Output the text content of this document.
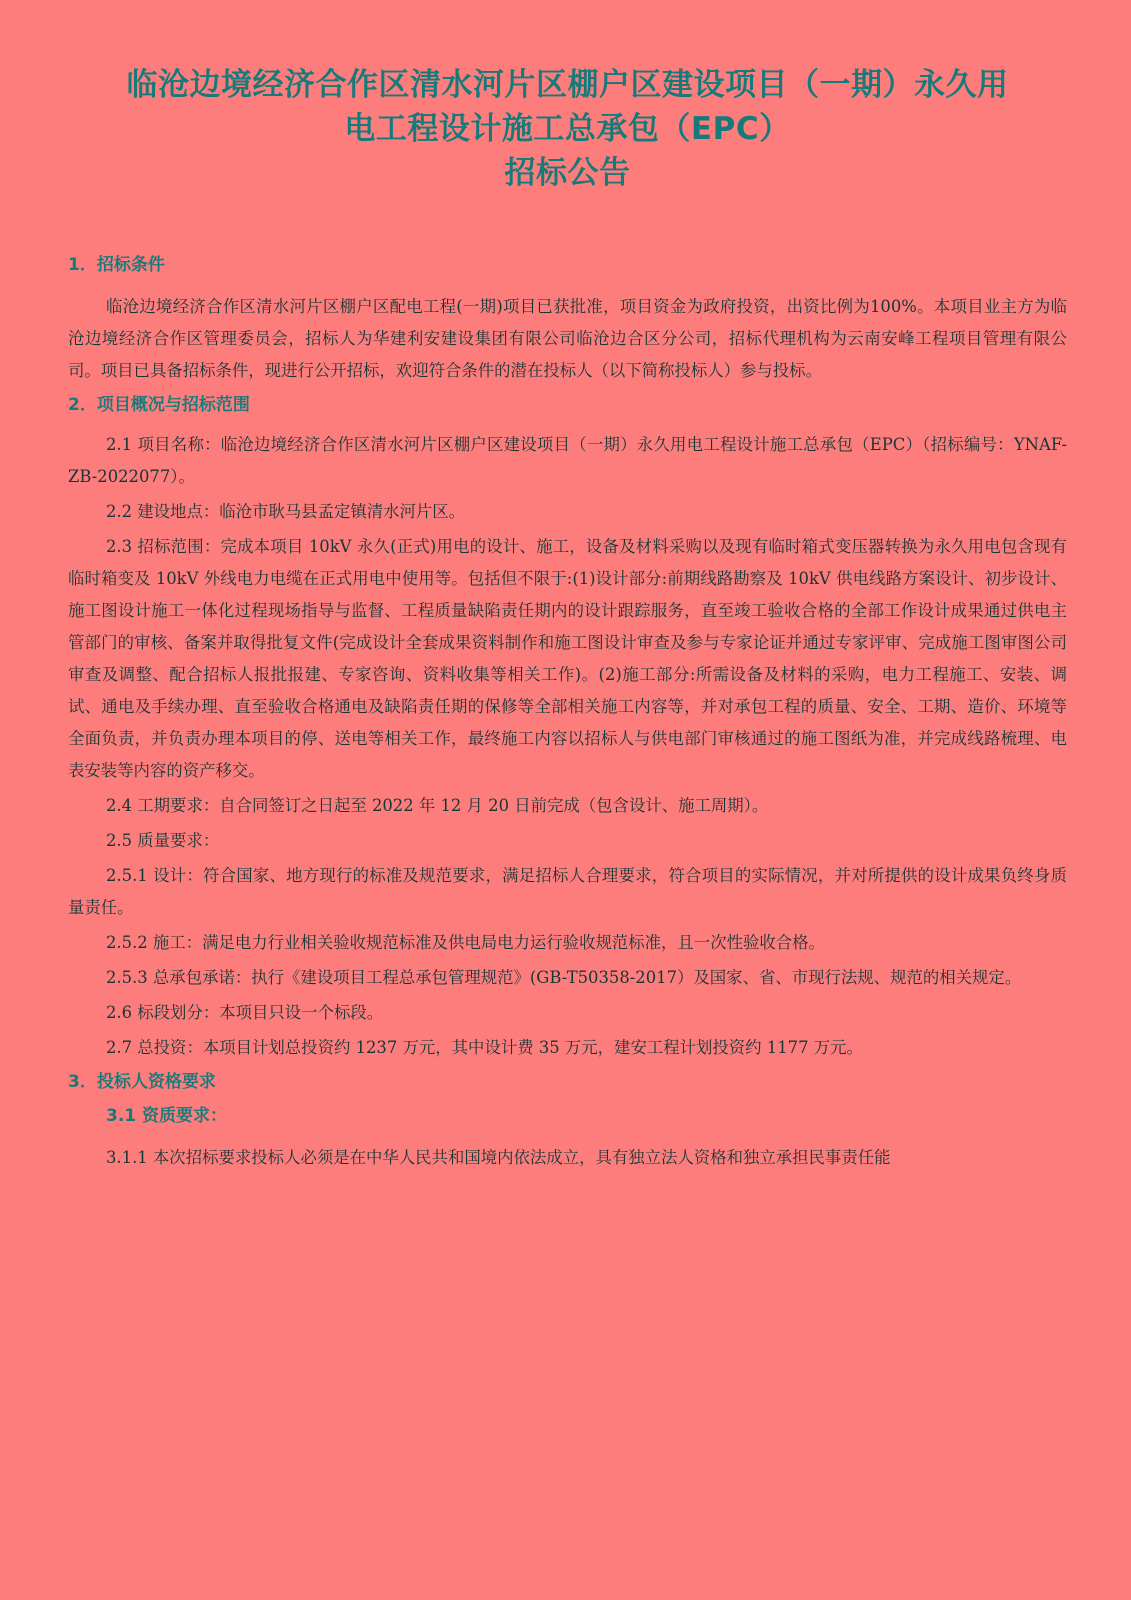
临沧边境经济合作区清水河片区棚户区建设项目（一期）永久用
电工程设计施工总承包（EPC）
招标公告
1．招标条件

临沧边境经济合作区清水河片区棚户区配电工程(一期)项目已获批准，项目资金为政府投资，出资比例为100%。本项目业主方为临沧边境经济合作区管理委员会，招标人为华建利安建设集团有限公司临沧边合区分公司，招标代理机构为云南安峰工程项目管理有限公司。项目已具备招标条件，现进行公开招标，欢迎符合条件的潜在投标人（以下简称投标人）参与投标。

2．项目概况与招标范围

2.1 项目名称：临沧边境经济合作区清水河片区棚户区建设项目（一期）永久用电工程设计施工总承包（EPC）（招标编号：YNAF-ZB-2022077）。

2.2 建设地点：临沧市耿马县孟定镇清水河片区。

2.3 招标范围：完成本项目 10kV 永久(正式)用电的设计、施工，设备及材料采购以及现有临时箱式变压器转换为永久用电包含现有临时箱变及 10kV 外线电力电缆在正式用电中使用等。包括但不限于:(1)设计部分:前期线路勘察及 10kV 供电线路方案设计、初步设计、施工图设计施工一体化过程现场指导与监督、工程质量缺陷责任期内的设计跟踪服务，直至竣工验收合格的全部工作设计成果通过供电主管部门的审核、备案并取得批复文件(完成设计全套成果资料制作和施工图设计审查及参与专家论证并通过专家评审、完成施工图审图公司审查及调整、配合招标人报批报建、专家咨询、资料收集等相关工作)。(2)施工部分:所需设备及材料的采购，电力工程施工、安装、调试、通电及手续办理、直至验收合格通电及缺陷责任期的保修等全部相关施工内容等，并对承包工程的质量、安全、工期、造价、环境等全面负责，并负责办理本项目的停、送电等相关工作，最终施工内容以招标人与供电部门审核通过的施工图纸为准，并完成线路梳理、电表安装等内容的资产移交。

2.4 工期要求：自合同签订之日起至 2022 年 12 月 20 日前完成（包含设计、施工周期）。

2.5 质量要求：

2.5.1 设计：符合国家、地方现行的标准及规范要求，满足招标人合理要求，符合项目的实际情况，并对所提供的设计成果负终身质量责任。

2.5.2 施工：满足电力行业相关验收规范标准及供电局电力运行验收规范标准，且一次性验收合格。

2.5.3 总承包承诺：执行《建设项目工程总承包管理规范》(GB-T50358-2017）及国家、省、市现行法规、规范的相关规定。

2.6 标段划分：本项目只设一个标段。

2.7 总投资：本项目计划总投资约 1237 万元，其中设计费 35 万元，建安工程计划投资约 1177 万元。

3．投标人资格要求
3.1 资质要求：

3.1.1 本次招标要求投标人必须是在中华人民共和国境内依法成立，具有独立法人资格和独立承担民事责任能
